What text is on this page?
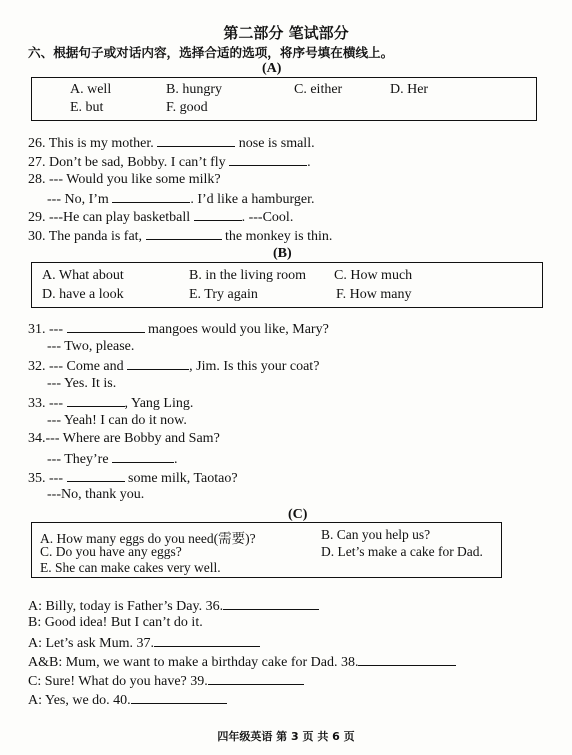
第二部分 笔试部分
六、根据句子或对话内容，选择合适的选项，将序号填在横线上。
(A)
A. well	B. hungry	C. either	D. Her
E. but	F. good
26. This is my mother.	nose is small.
27. Don’t be sad, Bobby. I can’t fly	.
28. --- Would you like some milk?
--- No, I’m	. I’d like a hamburger.
29. ---He can play basketball	. ---Cool.
30. The panda is fat,	the monkey is thin.
(B)
A. What about	B. in the living room C. How much
D. have a look	E. Try again	F. How many
31. ---	mangoes would you like, Mary?
--- Two, please.
32. --- Come and	, Jim. Is this your coat?
--- Yes. It is.
33. ---	, Yang Ling.
--- Yeah! I can do it now.
34.--- Where are Bobby and Sam?
--- They’re	.
35. ---	some milk, Taotao?
---No, thank you.
(C)
A. How many eggs do you need(需要)?	B. Can you help us?
C. Do you have any eggs?	D. Let’s make a cake for Dad.
E. She can make cakes very well.
A: Billy, today is Father’s Day. 36.
B: Good idea! But I can’t do it.
A: Let’s ask Mum. 37.
A&B: Mum, we want to make a birthday cake for Dad. 38.
C: Sure! What do you have? 39.
A: Yes, we do. 40.
四年级英语 第 3 页 共 6 页
